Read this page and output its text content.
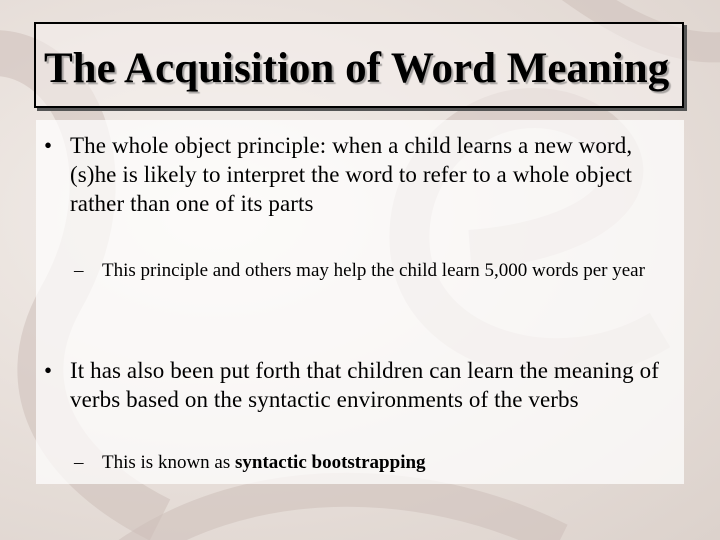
The Acquisition of Word Meaning
• The whole object principle: when a child learns a new word, (s)he is likely to interpret the word to refer to a whole object rather than one of its parts

– This principle and others may help the child learn 5,000 words per year

• It has also been put forth that children can learn the meaning of verbs based on the syntactic environments of the verbs

– This is known as syntactic bootstrapping
